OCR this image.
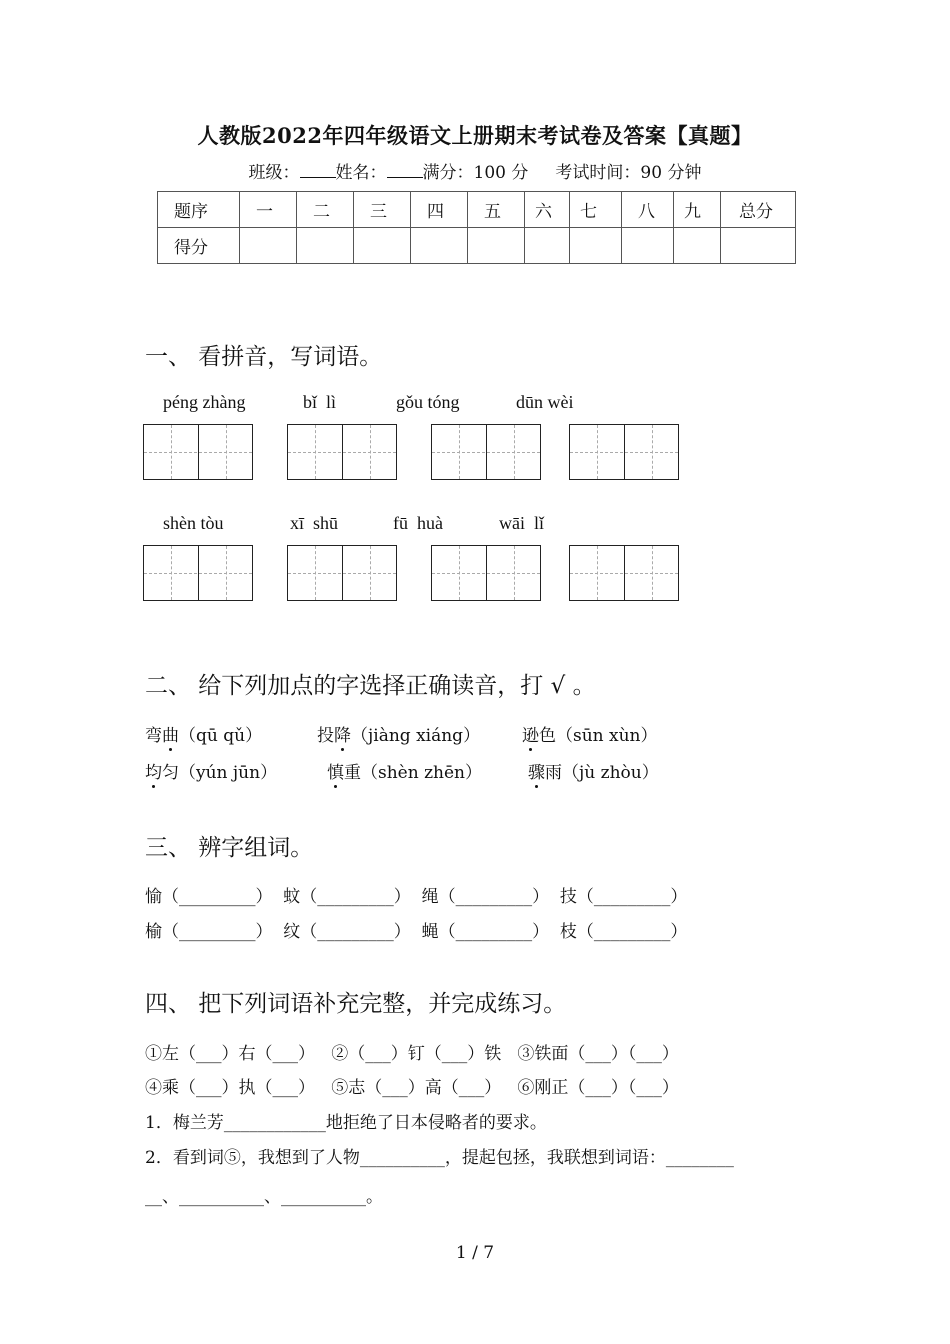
人教版2022年四年级语文上册期末考试卷及答案【真题】
班级： 姓名： 满分：100 分 考试时间：90 分钟
题序	一	二	三	四	五	六	七	八	九	总分
得分										
一、 看拼音，写词语。
péng zhàng	bǐ  lì	gǒu tóng	dūn wèi
shèn tòu	xī  shū	fū  huà	wāi  lǐ
二、 给下列加点的字选择正确读音，打 √ 。
弯曲（qū qǔ）	投降（jiàng xiáng） 逊色（sūn xùn）
均匀（yún jūn）	慎重（shèn zhēn）	骤雨（jù zhòu）
三、 辨字组词。
愉（_________）  蚊（_________）  绳（_________）  技（_________）
榆（_________）  纹（_________）  蝇（_________）  枝（_________）
四、 把下列词语补充完整，并完成练习。
①左（___）右（___）   ②（___）钉（___）铁   ③铁面（___）（___）
④乘（___）执（___）   ⑤志（___）高（___）   ⑥刚正（___）（___）
1．梅兰芳____________地拒绝了日本侵略者的要求。
2．看到词⑤，我想到了人物__________，提起包拯，我联想到词语：________
__、__________、__________。
1 / 7
